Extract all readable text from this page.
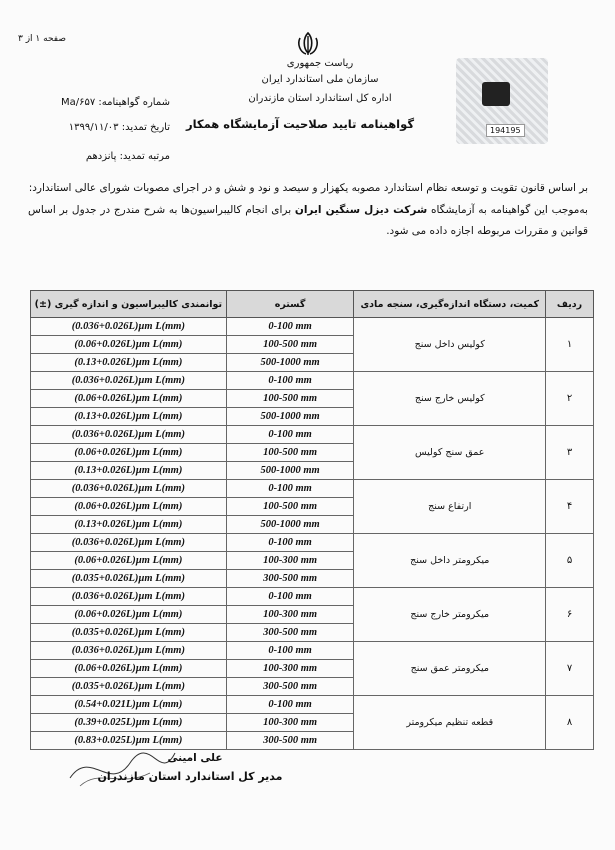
صفحه ۱ از ۳
ریاست جمهوری
سازمان ملی استاندارد ایران
اداره کل استاندارد استان مازندران
گواهینامه تایید صلاحیت آزمایشگاه همکار
شماره گواهینامه: Ma/۶۵۷
تاریخ تمدید: ۱۳۹۹/۱۱/۰۳
مرتبه تمدید: پانزدهم
194195
بر اساس قانون تقویت و توسعه نظام استاندارد مصوبه یکهزار و سیصد و نود و شش و در اجرای مصوبات شورای عالی استاندارد:
به‌موجب این گواهینامه به آزمایشگاه شرکت دیزل سنگین ایران برای انجام کالیبراسیون‌ها به شرح مندرج در جدول بر اساس قوانین و مقررات مربوطه اجازه داده می شود.
ردیف	کمیت، دستگاه اندازه‌گیری، سنجه مادی	گستره	توانمندی کالیبراسیون و اندازه گیری (±)
۱	کولیس داخل سنج	0-100 mm	(0.036+0.026L)µm L(mm)
		100-500 mm	(0.06+0.026L)µm L(mm)
		500-1000 mm	(0.13+0.026L)µm L(mm)
۲	کولیس خارج سنج	0-100 mm	(0.036+0.026L)µm L(mm)
		100-500 mm	(0.06+0.026L)µm L(mm)
		500-1000 mm	(0.13+0.026L)µm L(mm)
۳	عمق سنج کولیس	0-100 mm	(0.036+0.026L)µm L(mm)
		100-500 mm	(0.06+0.026L)µm L(mm)
		500-1000 mm	(0.13+0.026L)µm L(mm)
۴	ارتفاع سنج	0-100 mm	(0.036+0.026L)µm L(mm)
		100-500 mm	(0.06+0.026L)µm L(mm)
		500-1000 mm	(0.13+0.026L)µm L(mm)
۵	میکرومتر داخل سنج	0-100 mm	(0.036+0.026L)µm L(mm)
		100-300 mm	(0.06+0.026L)µm L(mm)
		300-500 mm	(0.035+0.026L)µm L(mm)
۶	میکرومتر خارج سنج	0-100 mm	(0.036+0.026L)µm L(mm)
		100-300 mm	(0.06+0.026L)µm L(mm)
		300-500 mm	(0.035+0.026L)µm L(mm)
۷	میکرومتر عمق سنج	0-100 mm	(0.036+0.026L)µm L(mm)
		100-300 mm	(0.06+0.026L)µm L(mm)
		300-500 mm	(0.035+0.026L)µm L(mm)
۸	قطعه تنظیم میکرومتر	0-100 mm	(0.54+0.021L)µm L(mm)
		100-300 mm	(0.39+0.025L)µm L(mm)
		300-500 mm	(0.83+0.025L)µm L(mm)
علی امینی
مدیر کل استاندارد استان مازندران
